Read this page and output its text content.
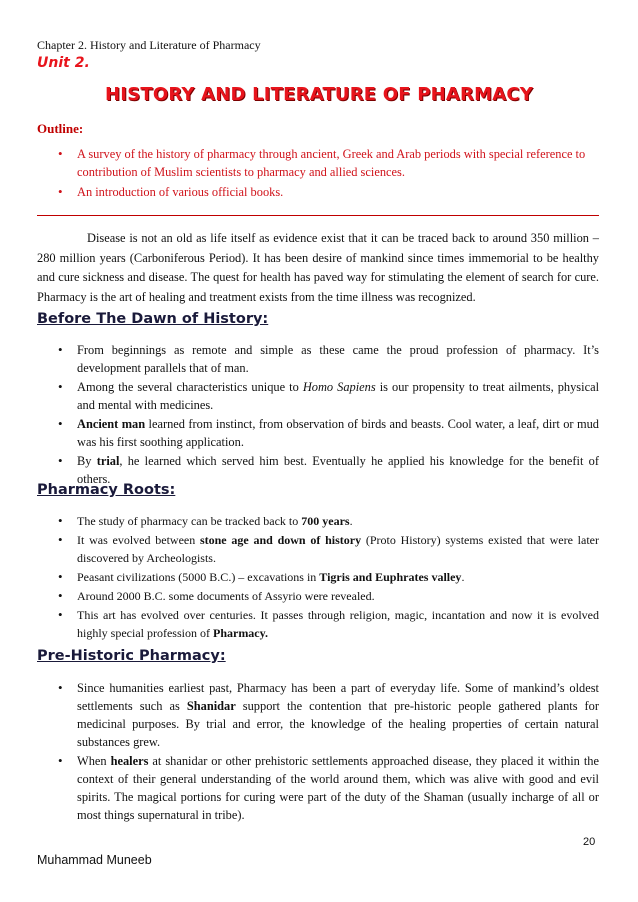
Chapter 2. History and Literature of Pharmacy
Unit 2.
HISTORY AND LITERATURE OF PHARMACY
Outline:
• A survey of the history of pharmacy through ancient, Greek and Arab periods with special reference to contribution of Muslim scientists to pharmacy and allied sciences.
• An introduction of various official books.

Disease is not an old as life itself as evidence exist that it can be traced back to around 350 million – 280 million years (Carboniferous Period). It has been desire of mankind since times immemorial to be healthy and cure sickness and disease. The quest for health has paved way for stimulating the element of search for cure. Pharmacy is the art of healing and treatment exists from the time illness was recognized.

Before The Dawn of History:
• From beginnings as remote and simple as these came the proud profession of pharmacy. It’s development parallels that of man.
• Among the several characteristics unique to Homo Sapiens is our propensity to treat ailments, physical and mental with medicines.
• Ancient man learned from instinct, from observation of birds and beasts. Cool water, a leaf, dirt or mud was his first soothing application.
• By trial, he learned which served him best. Eventually he applied his knowledge for the benefit of others.
Pharmacy Roots:
• The study of pharmacy can be tracked back to 700 years.
• It was evolved between stone age and down of history (Proto History) systems existed that were later discovered by Archeologists.
• Peasant civilizations (5000 B.C.) – excavations in Tigris and Euphrates valley.
• Around 2000 B.C. some documents of Assyrio were revealed.
• This art has evolved over centuries. It passes through religion, magic, incantation and now it is evolved highly special profession of Pharmacy.
Pre-Historic Pharmacy:
• Since humanities earliest past, Pharmacy has been a part of everyday life. Some of mankind’s oldest settlements such as Shanidar support the contention that pre-historic people gathered plants for medicinal purposes. By trial and error, the knowledge of the healing properties of certain natural substances grew.
• When healers at shanidar or other prehistoric settlements approached disease, they placed it within the context of their general understanding of the world around them, which was alive with good and evil spirits. The magical portions for curing were part of the duty of the Shaman (usually incharge of all or most things supernatural in tribe).
20
Muhammad Muneeb
